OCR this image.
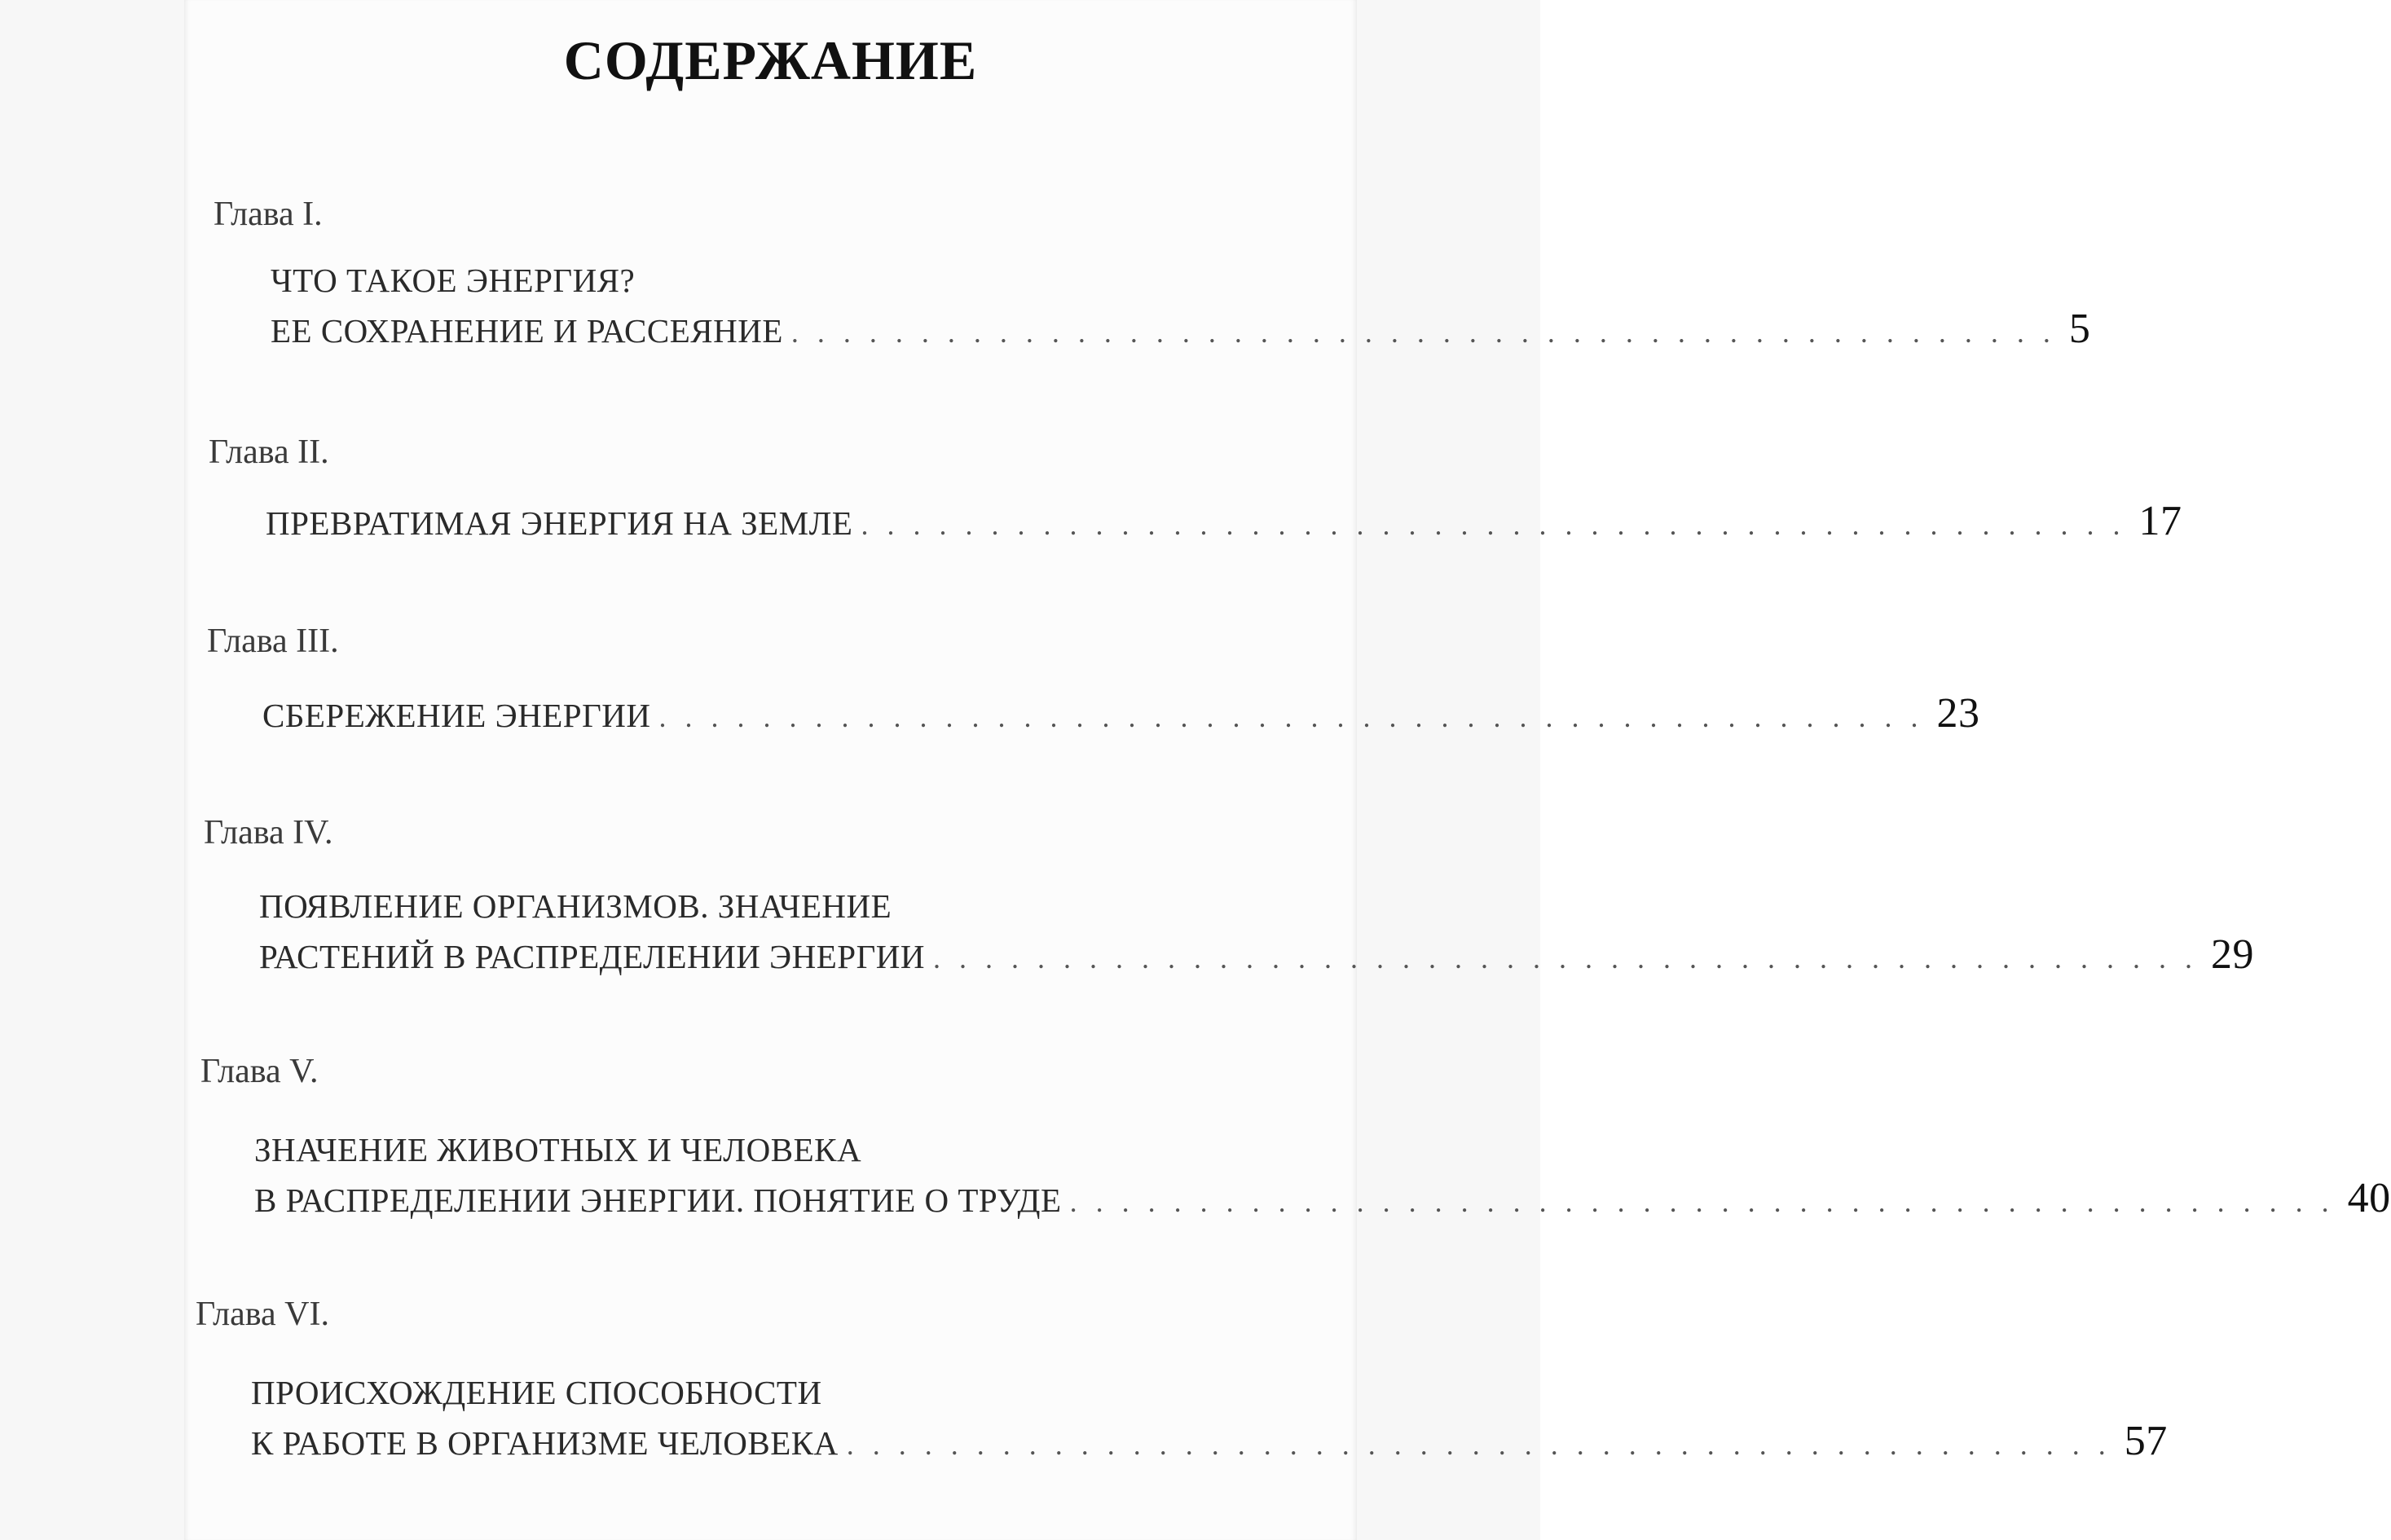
СОДЕРЖАНИЕ
Глава I.
ЧТО ТАКОЕ ЭНЕРГИЯ?
ЕЕ СОХРАНЕНИЕ И РАССЕЯНИЕ . . . . . . . . . . . . . . . . . . . . . . . . . . . . . . . . . . . . . . . . . . . . . . . . . 5
Глава II.
ПРЕВРАТИМАЯ ЭНЕРГИЯ НА ЗЕМЛЕ . . . . . . . . . . . . . . . . . . . . . . . . . . . . . . . . . . . . . . . . . . . . . . . . . 17
Глава III.
СБЕРЕЖЕНИЕ ЭНЕРГИИ . . . . . . . . . . . . . . . . . . . . . . . . . . . . . . . . . . . . . . . . . . . . . . . . . 23
Глава IV.
ПОЯВЛЕНИЕ ОРГАНИЗМОВ. ЗНАЧЕНИЕ
РАСТЕНИЙ В РАСПРЕДЕЛЕНИИ ЭНЕРГИИ . . . . . . . . . . . . . . . . . . . . . . . . . . . . . . . . . . . . . . . . . . . . . . . . . 29
Глава V.
ЗНАЧЕНИЕ ЖИВОТНЫХ И ЧЕЛОВЕКА
В РАСПРЕДЕЛЕНИИ ЭНЕРГИИ. ПОНЯТИЕ О ТРУДЕ . . . . . . . . . . . . . . . . . . . . . . . . . . . . . . . . . . . . . . . . . . . . . . . . . 40
Глава VI.
ПРОИСХОЖДЕНИЕ СПОСОБНОСТИ
К РАБОТЕ В ОРГАНИЗМЕ ЧЕЛОВЕКА . . . . . . . . . . . . . . . . . . . . . . . . . . . . . . . . . . . . . . . . . . . . . . . . . 57
